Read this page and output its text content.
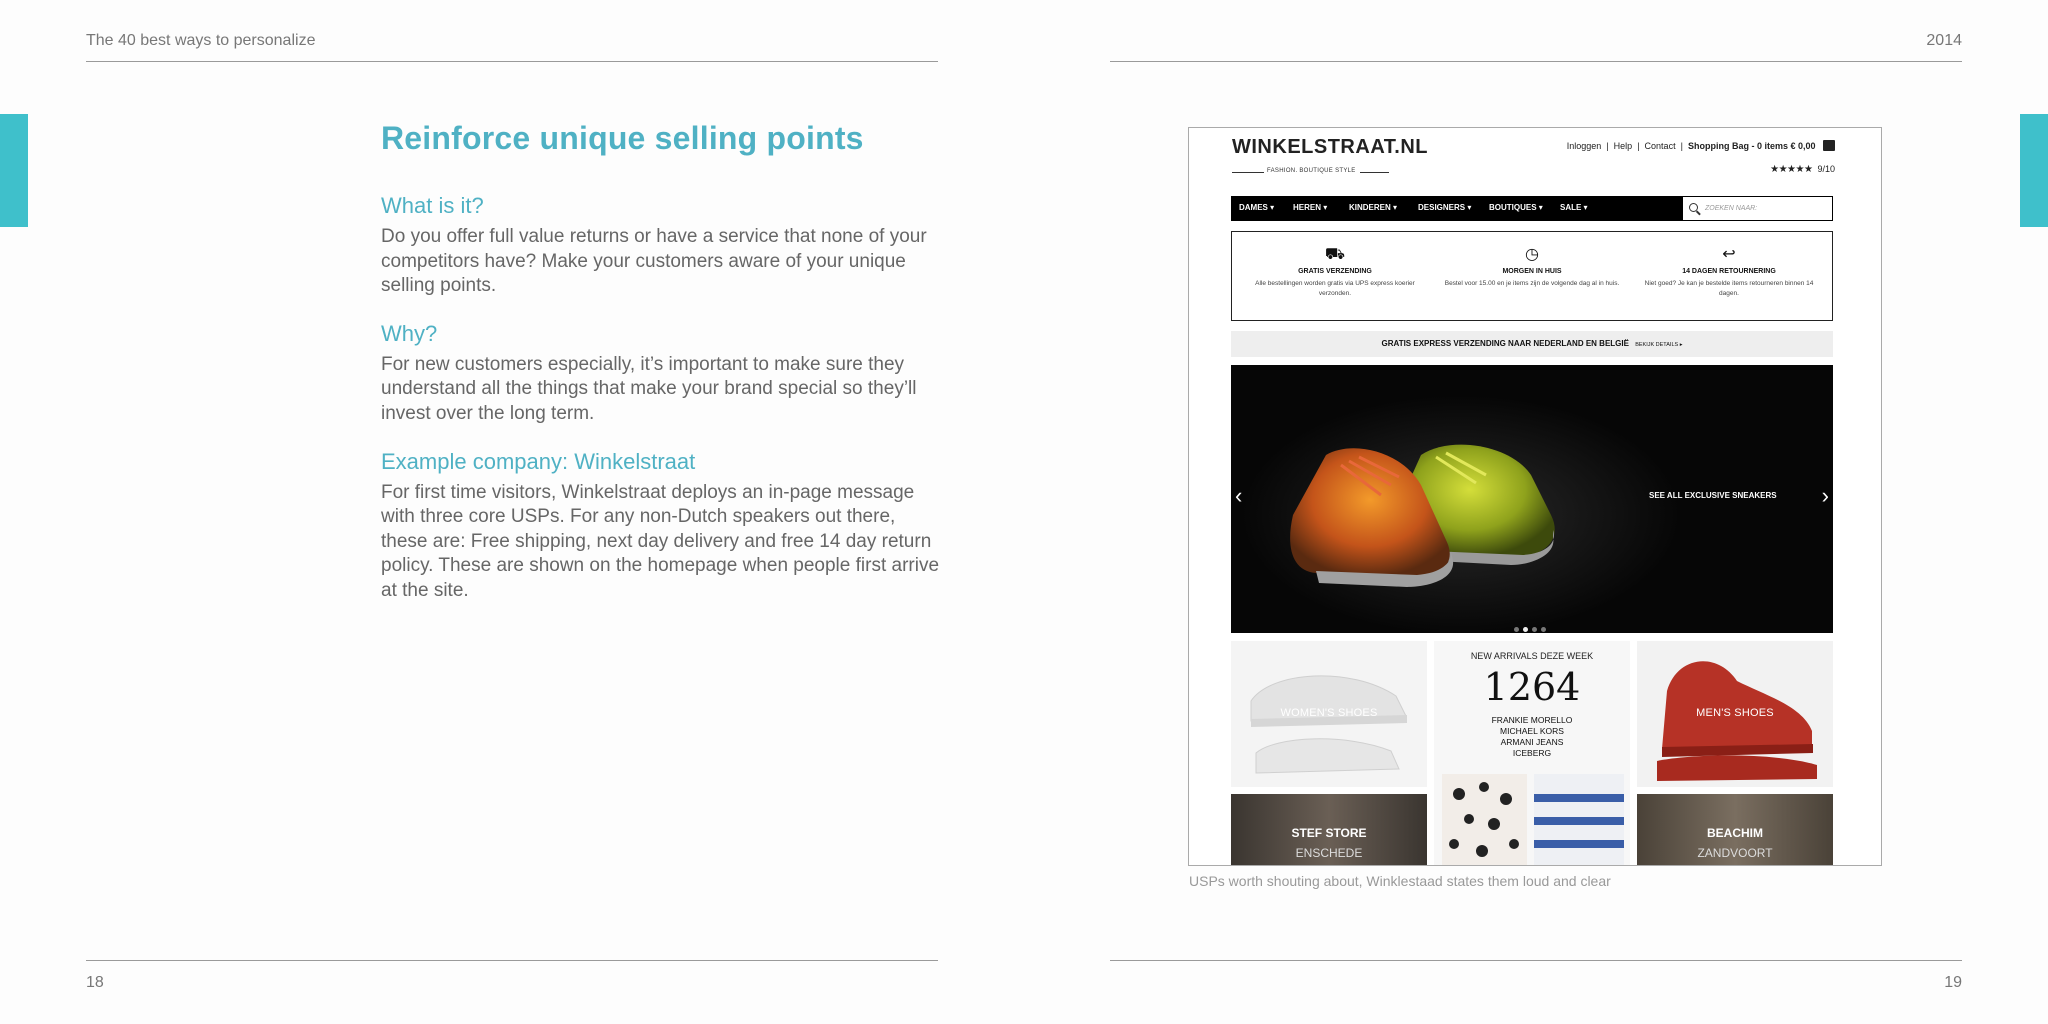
The 40 best ways to personalize	2014
18	19
Reinforce unique selling points
What is it?

Do you offer full value returns or have a service that none of your competitors have? Make your customers aware of your unique selling points.

Why?

For new customers especially, it’s important to make sure they understand all the things that make your brand special so they’ll invest over the long term.

Example company: Winkelstraat

For first time visitors, Winkelstraat deploys an in-page message with three core USPs. For any non-Dutch speakers out there, these are: Free shipping, next day delivery and free 14 day return policy. These are shown on the homepage when people first arrive at the site.

WINKELSTRAAT.NL
FASHION. BOUTIQUE STYLE
Inloggen | Help | Contact | Shopping Bag - 0 items € 0,00
★★★★★ 9/10
DAMES ▾ HEREN ▾	KINDEREN ▾	DESIGNERS ▾ BOUTIQUES ▾ SALE ▾	ZOEKEN NAAR:
⛟
GRATIS VERZENDING
Alle bestellingen worden gratis via UPS express koerier verzonden.
◷
MORGEN IN HUIS
Bestel voor 15.00 en je items zijn de volgende dag al in huis.
↩
14 DAGEN RETOURNERING
Niet goed? Je kan je bestelde items retourneren binnen 14 dagen.
GRATIS EXPRESS VERZENDING NAAR NEDERLAND EN BELGIË BEKIJK DETAILS ▸
‹	›
SEE ALL EXCLUSIVE SNEAKERS
WOMEN'S SHOES
NEW ARRIVALS DEZE WEEK
1264
FRANKIE MORELLO
MICHAEL KORS
ARMANI JEANS
ICEBERG
MEN'S SHOES
STEF STORE
ENSCHEDE
BEACHIM
ZANDVOORT
USPs worth shouting about, Winklestaad states them loud and clear
